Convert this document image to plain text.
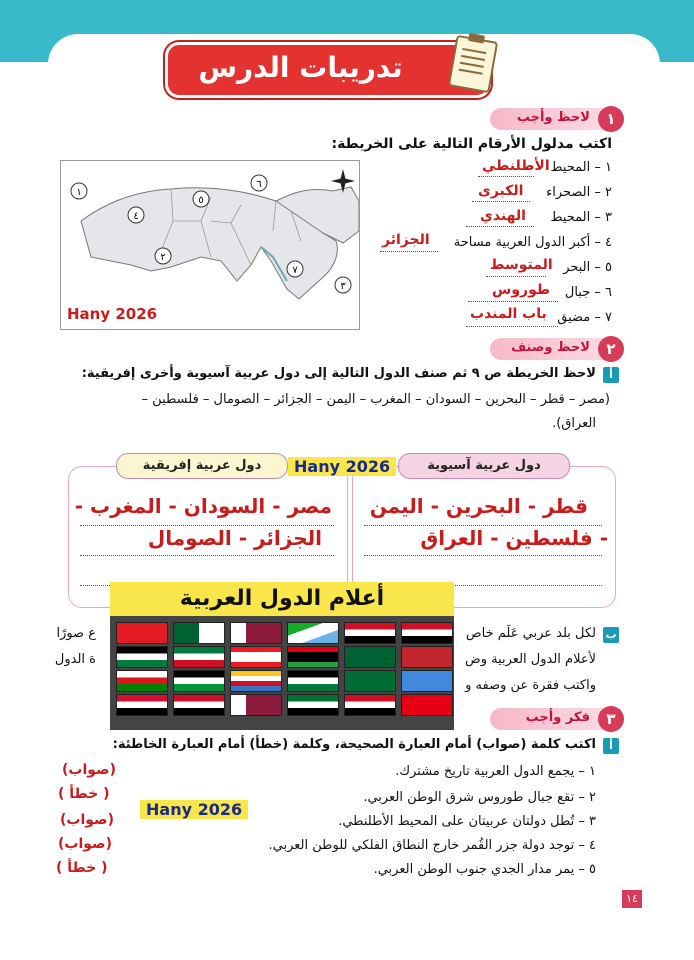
تدريبات الدرس
لاحظ وأجب	١
اكتب مدلول الأرقام التالية على الخريطة:
٤
٢
١
٥
٦
٧
٣
Hany 2026
١ – المحيط
الأطلنطي
٢ – الصحراء
الكبرى
٣ – المحيط
الهندي
٤ – أكبر الدول العربية مساحة
الجزائر
٥ – البحر
المتوسط
٦ – جبال
طوروس
٧ – مضيق
باب المندب
لاحظ وصنف	٢
أ
لاحظ الخريطة ص ٩ ثم صنف الدول التالية إلى دول عربية آسيوية وأخرى إفريقية:
(مصر – قطر – البحرين – السودان – المغرب – اليمن – الجزائر – الصومال – فلسطين –
العراق).
دول عربية إفريقية	دول عربية آسيوية
Hany 2026
مصر - السودان - المغرب -
الجزائر - الصومال
قطر - البحرين - اليمن
- فلسطين - العراق
ب
لكل بلد عربي عَلَم خاص
ع صورًا
لأعلام الدول العربية وض
ة الدول
واكتب فقرة عن وصفه و
أعلام الدول العربية
فكر وأجب	٣
أ
اكتب كلمة (صواب) أمام العبارة الصحيحة، وكلمة (خطأ) أمام العبارة الخاطئة:
١ – يجمع الدول العربية تاريخ مشترك.
(صواب)
٢ – تقع جبال طوروس شرق الوطن العربي.
( خطأ )
٣ – تُطل دولتان عربيتان على المحيط الأطلنطي.
(صواب)
٤ – توجد دولة جزر القُمر خارج النطاق الفلكي للوطن العربي.
(صواب)
٥ – يمر مدار الجدي جنوب الوطن العربي.
( خطأ )
Hany 2026
١٤
